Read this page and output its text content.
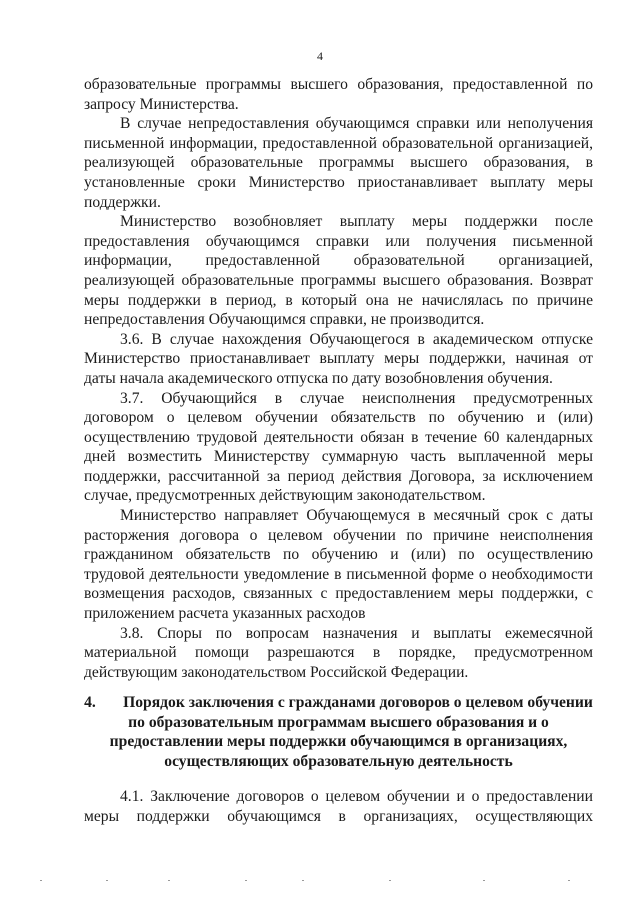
4

образовательные программы высшего образования, предоставленной по запросу Министерства.

В случае непредоставления обучающимся справки или неполучения письменной информации, предоставленной образовательной организацией, реализующей образовательные программы высшего образования, в установленные сроки Министерство приостанавливает выплату меры поддержки.

Министерство возобновляет выплату меры поддержки после предоставления обучающимся справки или получения письменной информации, предоставленной образовательной организацией, реализующей образовательные программы высшего образования. Возврат меры поддержки в период, в который она не начислялась по причине непредоставления Обучающимся справки, не производится.

3.6. В случае нахождения Обучающегося в академическом отпуске Министерство приостанавливает выплату меры поддержки, начиная от даты начала академического отпуска по дату возобновления обучения.

3.7. Обучающийся в случае неисполнения предусмотренных договором о целевом обучении обязательств по обучению и (или) осуществлению трудовой деятельности обязан в течение 60 календарных дней возместить Министерству суммарную часть выплаченной меры поддержки, рассчитанной за период действия Договора, за исключением случае, предусмотренных действующим законодательством.

Министерство направляет Обучающемуся в месячный срок с даты расторжения договора о целевом обучении по причине неисполнения гражданином обязательств по обучению и (или) по осуществлению трудовой деятельности уведомление в письменной форме о необходимости возмещения расходов, связанных с предоставлением меры поддержки, с приложением расчета указанных расходов

3.8. Споры по вопросам назначения и выплаты ежемесячной материальной помощи разрешаются в порядке, предусмотренном действующим законодательством Российской Федерации.

4. Порядок заключения с гражданами договоров о целевом обучении по образовательным программам высшего образования и о предоставлении меры поддержки обучающимся в организациях, осуществляющих образовательную деятельность

4.1. Заключение договоров о целевом обучении и о предоставлении меры поддержки обучающимся в организациях, осуществляющих
